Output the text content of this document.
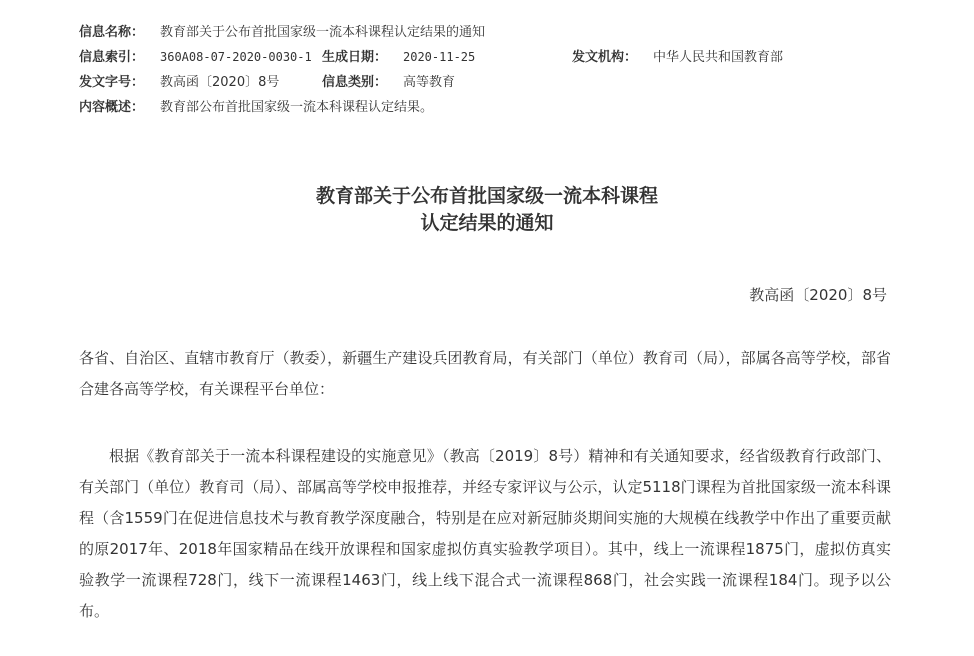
信息名称： 教育部关于公布首批国家级一流本科课程认定结果的通知
信息索引： 360A08-07-2020-0030-1 生成日期： 2020-11-25	发文机构： 中华人民共和国教育部
发文字号： 教高函〔2020〕8号	信息类别： 高等教育
内容概述： 教育部公布首批国家级一流本科课程认定结果。
教育部关于公布首批国家级一流本科课程
认定结果的通知
教高函〔2020〕8号
各省、自治区、直辖市教育厅（教委），新疆生产建设兵团教育局，有关部门（单位）教育司（局），部属各高等学校，部省合建各高等学校，有关课程平台单位：
根据《教育部关于一流本科课程建设的实施意见》（教高〔2019〕8号）精神和有关通知要求，经省级教育行政部门、有关部门（单位）教育司（局）、部属高等学校申报推荐，并经专家评议与公示，认定5118门课程为首批国家级一流本科课程（含1559门在促进信息技术与教育教学深度融合，特别是在应对新冠肺炎期间实施的大规模在线教学中作出了重要贡献的原2017年、2018年国家精品在线开放课程和国家虚拟仿真实验教学项目）。其中，线上一流课程1875门，虚拟仿真实验教学一流课程728门，线下一流课程1463门，线上线下混合式一流课程868门，社会实践一流课程184门。现予以公布。
